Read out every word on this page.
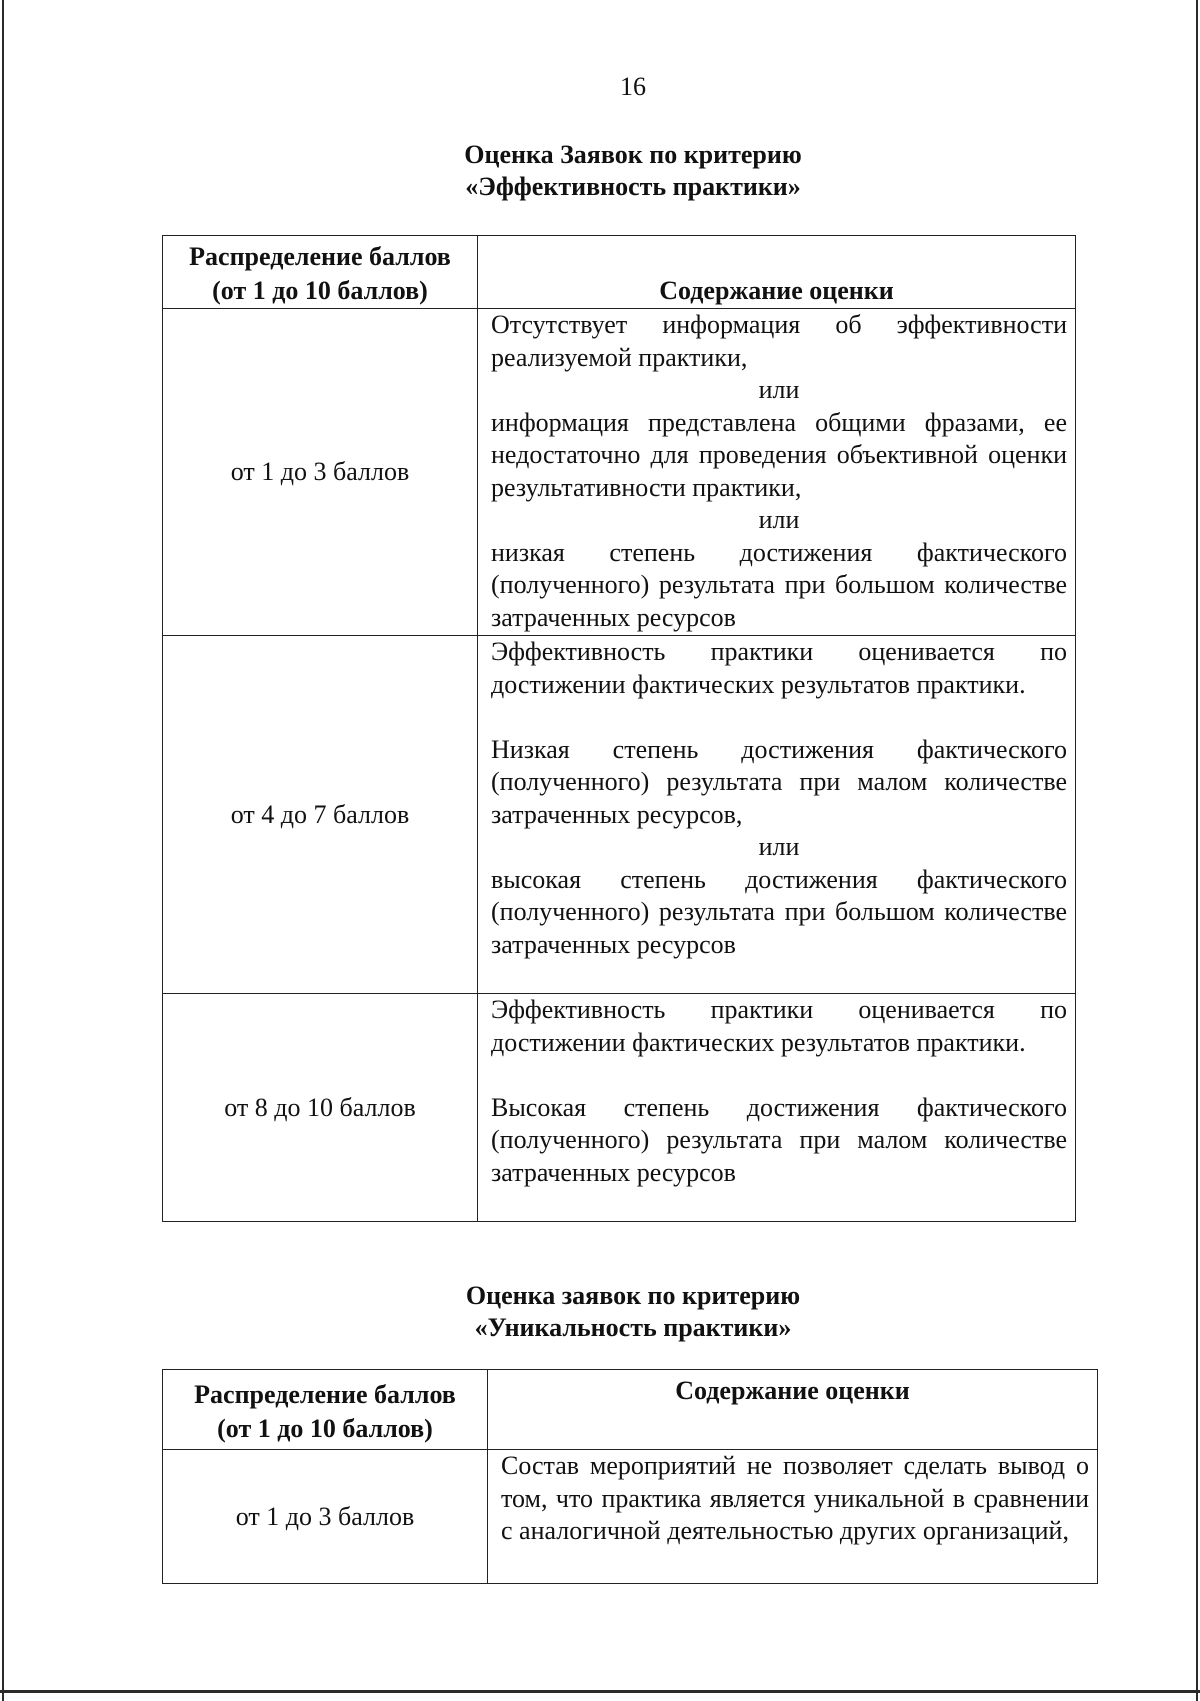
16
Оценка Заявок по критерию
«Эффективность практики»
Распределение баллов
(от 1 до 10 баллов)	

	Содержание оценки
от 1 до 3 баллов	Отсутствует информация об эффективности реализуемой практики,

или

информация представлена общими фразами, ее недостаточно для проведения объективной оценки результативности практики,

или

низкая степень достижения фактического (полученного) результата при большом количестве затраченных ресурсов

от 4 до 7 баллов	Эффективность практики оценивается по достижении фактических результатов практики.

Низкая степень достижения фактического (полученного) результата при малом количестве затраченных ресурсов,

или

высокая степень достижения фактического (полученного) результата при большом количестве затраченных ресурсов

от 8 до 10 баллов	Эффективность практики оценивается по достижении фактических результатов практики.

Высокая степень достижения фактического (полученного) результата при малом количестве затраченных ресурсов

Оценка заявок по критерию
«Уникальность практики»
Распределение баллов
(от 1 до 10 баллов)	Содержание оценки
от 1 до 3 баллов	Состав мероприятий не позволяет сделать вывод о том, что практика является уникальной в сравнении с аналогичной деятельностью других организаций,
